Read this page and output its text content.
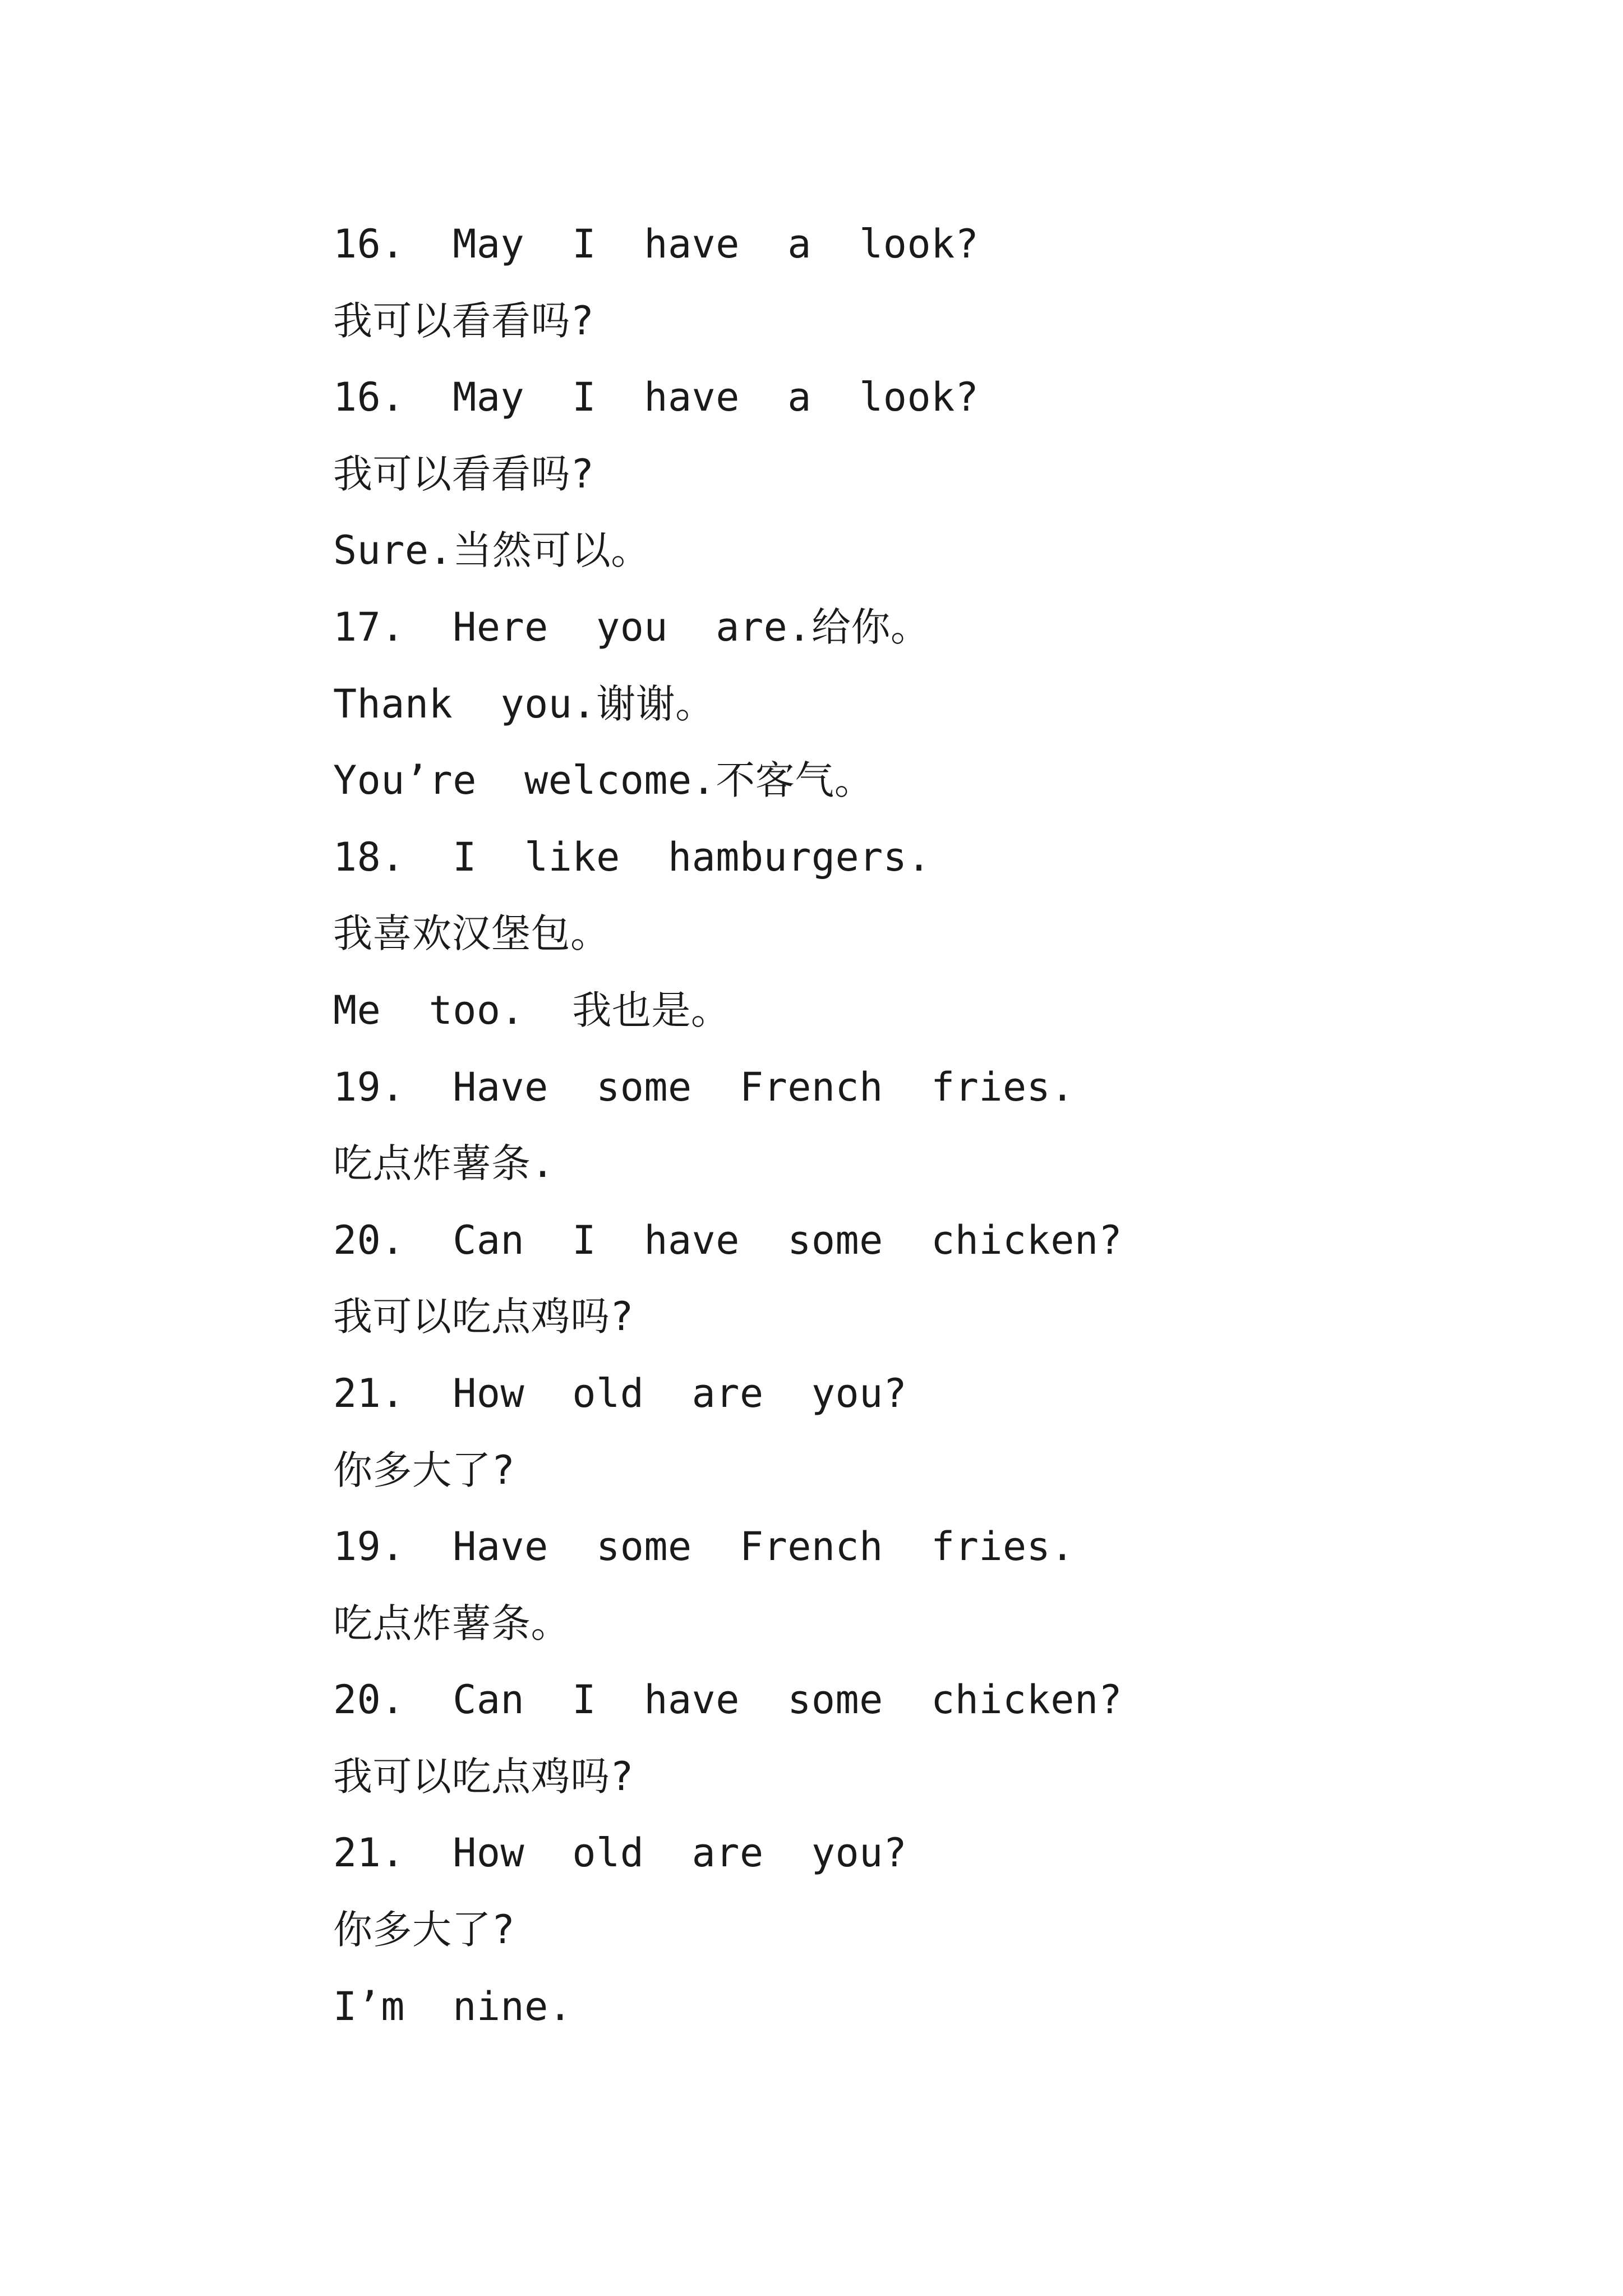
16.  May  I  have  a  look?
我可以看看吗?
16.  May  I  have  a  look?
我可以看看吗?
Sure.当然可以。
17.  Here  you  are.给你。
Thank  you.谢谢。
You’re  welcome.不客气。
18.  I  like  hamburgers.
我喜欢汉堡包。
Me  too.  我也是。
19.  Have  some  French  fries.
吃点炸薯条.
20.  Can  I  have  some  chicken?
我可以吃点鸡吗?
21.  How  old  are  you?
你多大了?
19.  Have  some  French  fries.
吃点炸薯条。
20.  Can  I  have  some  chicken?
我可以吃点鸡吗?
21.  How  old  are  you?
你多大了?
I’m  nine.
